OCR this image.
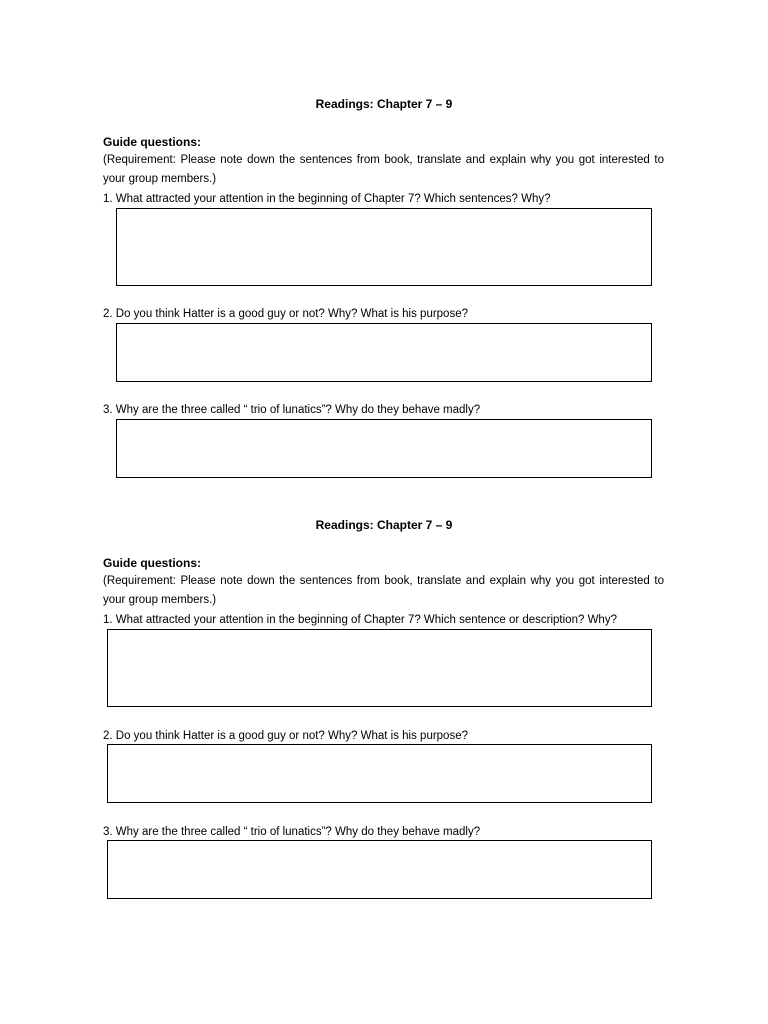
Readings: Chapter 7 – 9
Guide questions:
(Requirement: Please note down the sentences from book, translate and explain why you got interested to your group members.)
1. What attracted your attention in the beginning of Chapter 7? Which sentences? Why?
2. Do you think Hatter is a good guy or not? Why? What is his purpose?
3. Why are the three called “ trio of lunatics”? Why do they behave madly?
Readings: Chapter 7 – 9
Guide questions:
(Requirement: Please note down the sentences from book, translate and explain why you got interested to your group members.)
1. What attracted your attention in the beginning of Chapter 7? Which sentence or description? Why?
2. Do you think Hatter is a good guy or not? Why? What is his purpose?
3. Why are the three called “ trio of lunatics”? Why do they behave madly?
